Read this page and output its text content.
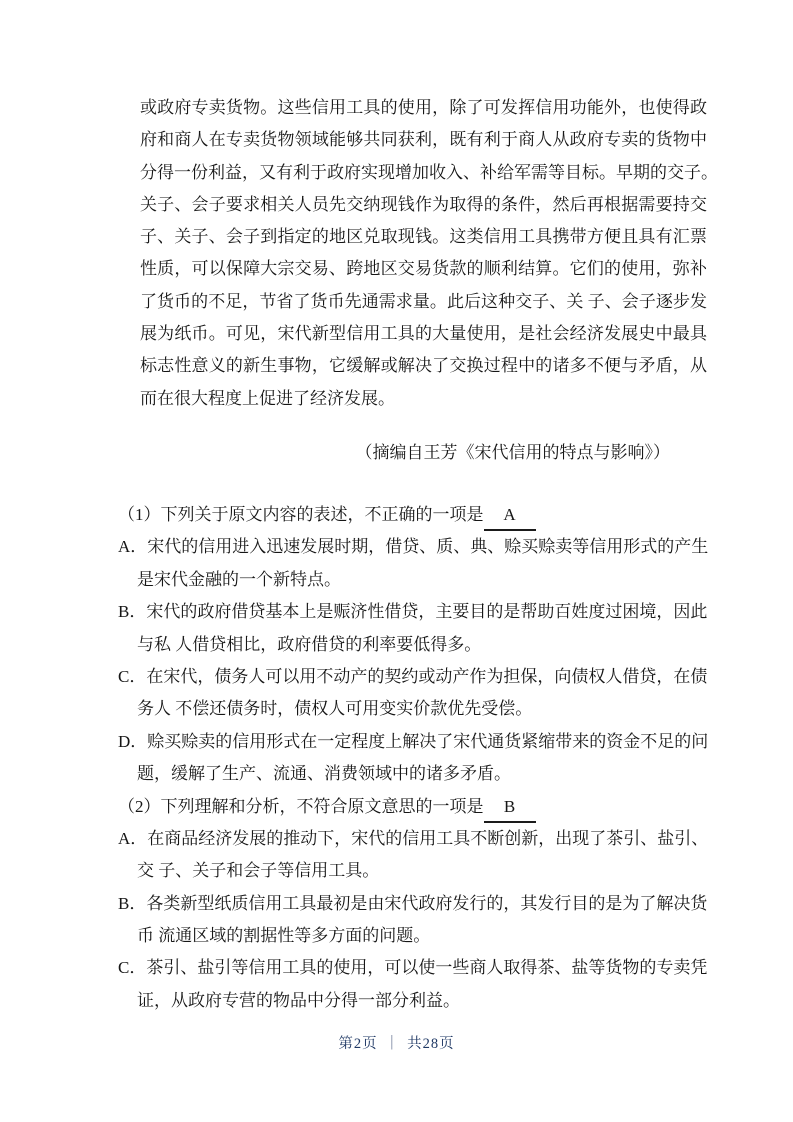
或政府专卖货物。这些信用工具的使用，除了可发挥信用功能外，也使得政
府和商人在专卖货物领域能够共同获利，既有利于商人从政府专卖的货物中
分得一份利益，又有利于政府实现增加收入、补给军需等目标。早期的交子。
关子、会子要求相关人员先交纳现钱作为取得的条件，然后再根据需要持交
子、关子、会子到指定的地区兑取现钱。这类信用工具携带方便且具有汇票
性质，可以保障大宗交易、跨地区交易货款的顺利结算。它们的使用，弥补
了货币的不足，节省了货币先通需求量。此后这种交子、关 子、会子逐步发
展为纸币。可见，宋代新型信用工具的大量使用，是社会经济发展史中最具
标志性意义的新生事物，它缓解或解决了交换过程中的诸多不便与矛盾，从
而在很大程度上促进了经济发展。
（摘编自王芳《宋代信用的特点与影响》）
（1）下列关于原文内容的表述，不正确的一项是 A
A．宋代的信用进入迅速发展时期，借贷、质、典、赊买赊卖等信用形式的产生
是宋代金融的一个新特点。
B．宋代的政府借贷基本上是赈济性借贷，主要目的是帮助百姓度过困境，因此
与私 人借贷相比，政府借贷的利率要低得多。
C．在宋代，债务人可以用不动产的契约或动产作为担保，向债权人借贷，在债
务人 不偿还债务时，债权人可用变实价款优先受偿。
D．赊买赊卖的信用形式在一定程度上解决了宋代通货紧缩带来的资金不足的问
题，缓解了生产、流通、消费领域中的诸多矛盾。
（2）下列理解和分析，不符合原文意思的一项是 B
A．在商品经济发展的推动下，宋代的信用工具不断创新，出现了茶引、盐引、
交 子、关子和会子等信用工具。
B．各类新型纸质信用工具最初是由宋代政府发行的，其发行目的是为了解决货
币 流通区域的割据性等多方面的问题。
C．茶引、盐引等信用工具的使用，可以使一些商人取得茶、盐等货物的专卖凭
证，从政府专营的物品中分得一部分利益。
第2页 ｜ 共28页
